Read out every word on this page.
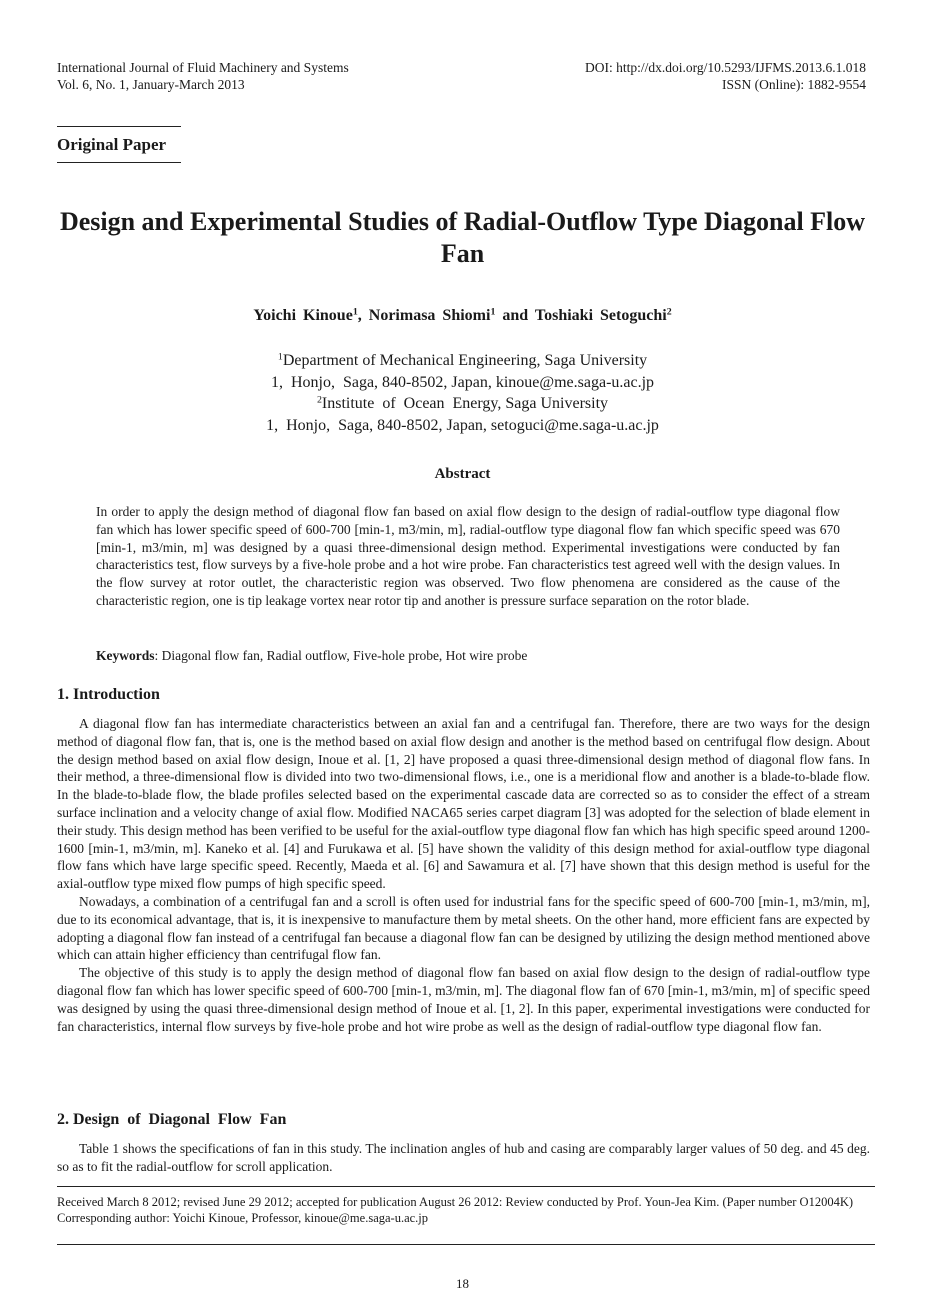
International Journal of Fluid Machinery and Systems
Vol. 6, No. 1, January-March 2013
DOI: http://dx.doi.org/10.5293/IJFMS.2013.6.1.018
ISSN (Online): 1882-9554
Original Paper
Design and Experimental Studies of Radial-Outflow Type Diagonal Flow Fan
Yoichi Kinoue$^1$, Norimasa Shiomi$^1$ and Toshiaki Setoguchi$^2$
$^1$Department of Mechanical Engineering, Saga University
1,  Honjo,  Saga, 840-8502, Japan, kinoue@me.saga-u.ac.jp
$^2$Institute  of  Ocean  Energy, Saga University
1,  Honjo,  Saga, 840-8502, Japan, setoguci@me.saga-u.ac.jp
Abstract

In order to apply the design method of diagonal flow fan based on axial flow design to the design of radial-outflow type diagonal flow fan which has lower specific speed of 600-700 [min-1, m3/min, m], radial-outflow type diagonal flow fan which specific speed was 670 [min-1, m3/min, m] was designed by a quasi three-dimensional design method. Experimental investigations were conducted by fan characteristics test, flow surveys by a five-hole probe and a hot wire probe. Fan characteristics test agreed well with the design values. In the flow survey at rotor outlet, the characteristic region was observed. Two flow phenomena are considered as the cause of the characteristic region, one is tip leakage vortex near rotor tip and another is pressure surface separation on the rotor blade.

Keywords: Diagonal flow fan, Radial outflow, Five-hole probe, Hot wire probe

1. Introduction

A diagonal flow fan has intermediate characteristics between an axial fan and a centrifugal fan. Therefore, there are two ways for the design method of diagonal flow fan, that is, one is the method based on axial flow design and another is the method based on centrifugal flow design. About the design method based on axial flow design, Inoue et al. [1, 2] have proposed a quasi three-dimensional design method of diagonal flow fans. In their method, a three-dimensional flow is divided into two two-dimensional flows, i.e., one is a meridional flow and another is a blade-to-blade flow. In the blade-to-blade flow, the blade profiles selected based on the experimental cascade data are corrected so as to consider the effect of a stream surface inclination and a velocity change of axial flow. Modified NACA65 series carpet diagram [3] was adopted for the selection of blade element in their study. This design method has been verified to be useful for the axial-outflow type diagonal flow fan which has high specific speed around 1200-1600 [min-1, m3/min, m]. Kaneko et al. [4] and Furukawa et al. [5] have shown the validity of this design method for axial-outflow type diagonal flow fans which have large specific speed. Recently, Maeda et al. [6] and Sawamura et al. [7] have shown that this design method is useful for the axial-outflow type mixed flow pumps of high specific speed.

Nowadays, a combination of a centrifugal fan and a scroll is often used for industrial fans for the specific speed of 600-700 [min-1, m3/min, m], due to its economical advantage, that is, it is inexpensive to manufacture them by metal sheets. On the other hand, more efficient fans are expected by adopting a diagonal flow fan instead of a centrifugal fan because a diagonal flow fan can be designed by utilizing the design method mentioned above which can attain higher efficiency than centrifugal flow fan.

The objective of this study is to apply the design method of diagonal flow fan based on axial flow design to the design of radial-outflow type diagonal flow fan which has lower specific speed of 600-700 [min-1, m3/min, m]. The diagonal flow fan of 670 [min-1, m3/min, m] of specific speed was designed by using the quasi three-dimensional design method of Inoue et al. [1, 2]. In this paper, experimental investigations were conducted for fan characteristics, internal flow surveys by five-hole probe and hot wire probe as well as the design of radial-outflow type diagonal flow fan.

2. Design  of  Diagonal  Flow  Fan

Table 1 shows the specifications of fan in this study. The inclination angles of hub and casing are comparably larger values of 50 deg. and 45 deg. so as to fit the radial-outflow for scroll application.

Received March 8 2012; revised June 29 2012; accepted for publication August 26 2012: Review conducted by Prof. Youn-Jea Kim. (Paper number O12004K)

Corresponding author: Yoichi Kinoue, Professor, kinoue@me.saga-u.ac.jp

18
